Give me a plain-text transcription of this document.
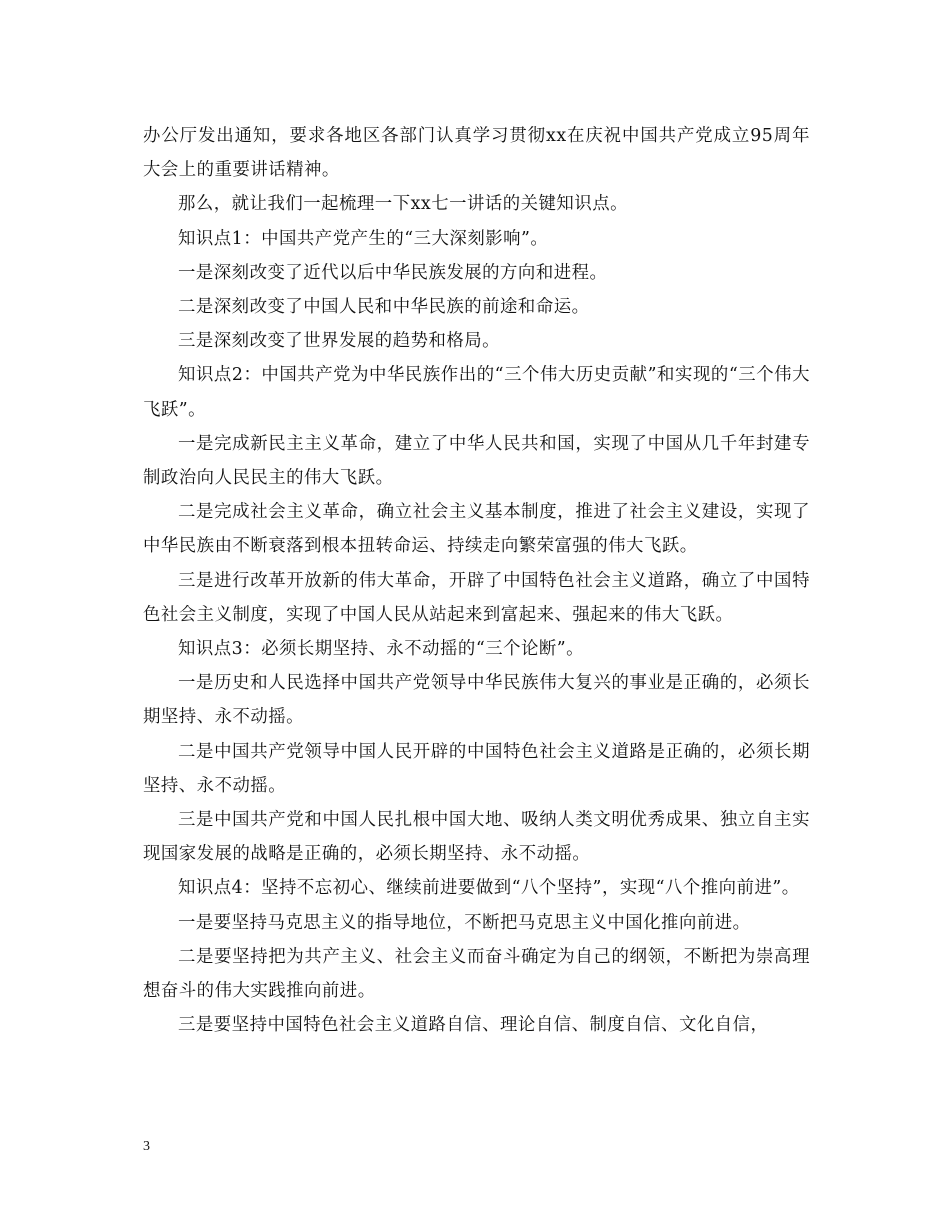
办公厅发出通知，要求各地区各部门认真学习贯彻xx在庆祝中国共产党成立95周年大会上的重要讲话精神。

那么，就让我们一起梳理一下xx七一讲话的关键知识点。

知识点1：中国共产党产生的“三大深刻影响”。

一是深刻改变了近代以后中华民族发展的方向和进程。

二是深刻改变了中国人民和中华民族的前途和命运。

三是深刻改变了世界发展的趋势和格局。

知识点2：中国共产党为中华民族作出的“三个伟大历史贡献”和实现的“三个伟大飞跃”。

一是完成新民主主义革命，建立了中华人民共和国，实现了中国从几千年封建专制政治向人民民主的伟大飞跃。

二是完成社会主义革命，确立社会主义基本制度，推进了社会主义建设，实现了中华民族由不断衰落到根本扭转命运、持续走向繁荣富强的伟大飞跃。

三是进行改革开放新的伟大革命，开辟了中国特色社会主义道路，确立了中国特色社会主义制度，实现了中国人民从站起来到富起来、强起来的伟大飞跃。

知识点3：必须长期坚持、永不动摇的“三个论断”。

一是历史和人民选择中国共产党领导中华民族伟大复兴的事业是正确的，必须长期坚持、永不动摇。

二是中国共产党领导中国人民开辟的中国特色社会主义道路是正确的，必须长期坚持、永不动摇。

三是中国共产党和中国人民扎根中国大地、吸纳人类文明优秀成果、独立自主实现国家发展的战略是正确的，必须长期坚持、永不动摇。

知识点4：坚持不忘初心、继续前进要做到“八个坚持”，实现“八个推向前进”。

一是要坚持马克思主义的指导地位，不断把马克思主义中国化推向前进。

二是要坚持把为共产主义、社会主义而奋斗确定为自己的纲领，不断把为崇高理想奋斗的伟大实践推向前进。

三是要坚持中国特色社会主义道路自信、理论自信、制度自信、文化自信，

3
